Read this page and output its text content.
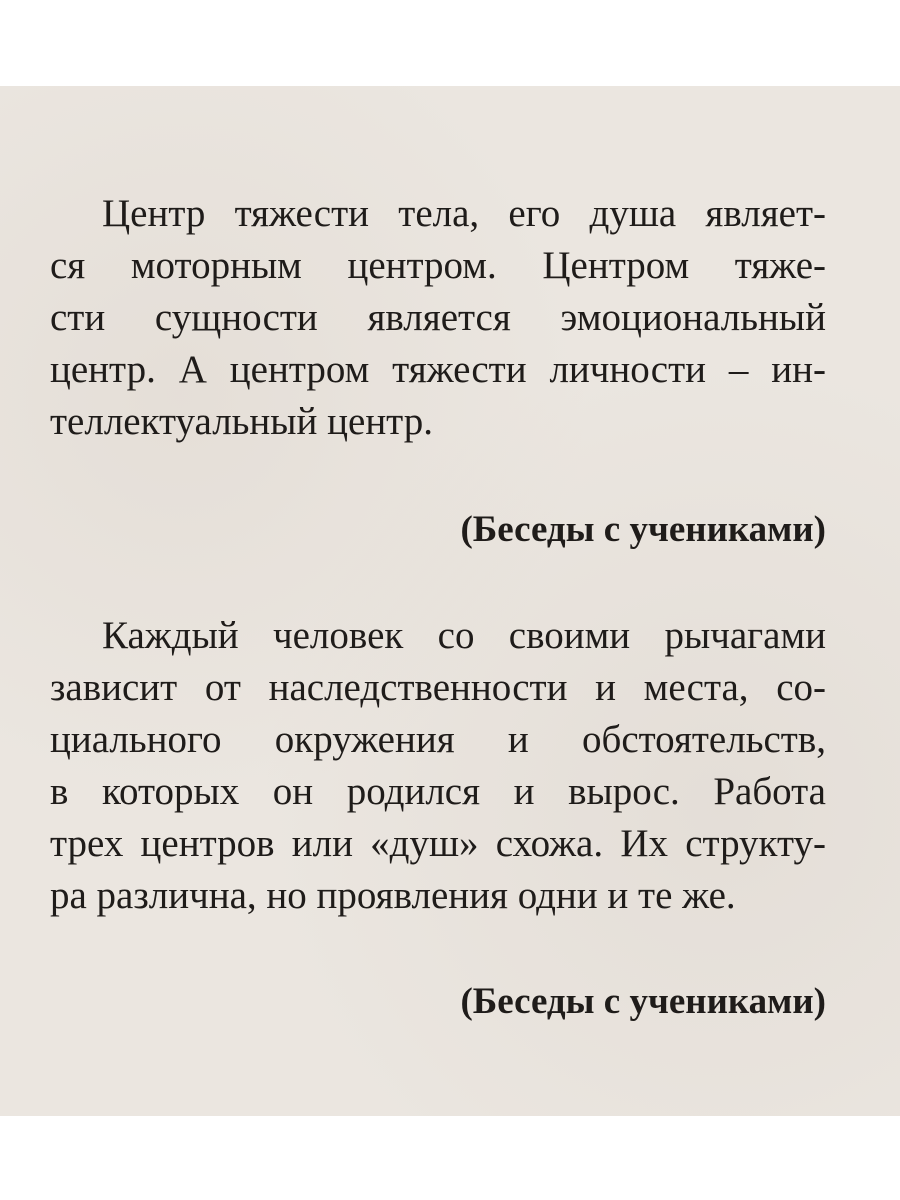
Центр тяжести тела, его душа являет-
ся моторным центром. Центром тяже-
сти сущности является эмоциональный
центр. А центром тяжести личности – ин-
теллектуальный центр.

(Беседы с учениками)

Каждый человек со своими рычагами
зависит от наследственности и места, со-
циального окружения и обстоятельств,
в которых он родился и вырос. Работа
трех центров или «душ» схожа. Их структу-
ра различна, но проявления одни и те же.

(Беседы с учениками)
